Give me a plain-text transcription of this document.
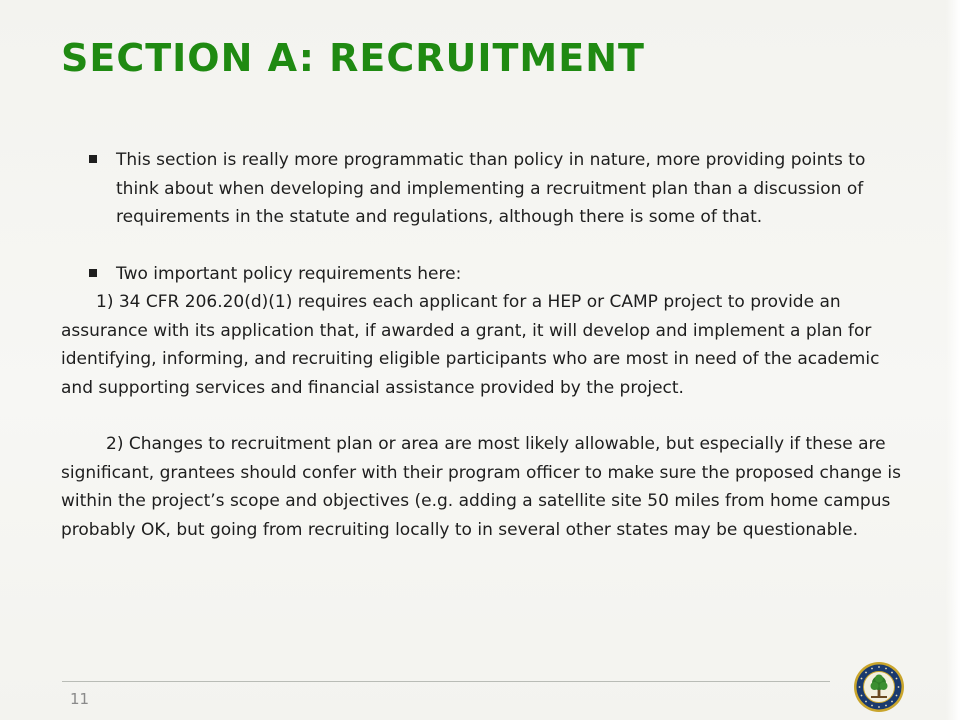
SECTION A: RECRUITMENT

This section is really more programmatic than policy in nature, more providing points to think about when developing and implementing a recruitment plan than a discussion of requirements in the statute and regulations, although there is some of that.

Two important policy requirements here:

1) 34 CFR 206.20(d)(1) requires each applicant for a HEP or CAMP project to provide an assurance with its application that, if awarded a grant, it will develop and implement a plan for identifying, informing, and recruiting eligible participants who are most in need of the academic and supporting services and financial assistance provided by the project.

2) Changes to recruitment plan or area are most likely allowable, but especially if these are significant, grantees should confer with their program officer to make sure the proposed change is within the project’s scope and objectives (e.g. adding a satellite site 50 miles from home campus probably OK, but going from recruiting locally to in several other states may be questionable.

11
